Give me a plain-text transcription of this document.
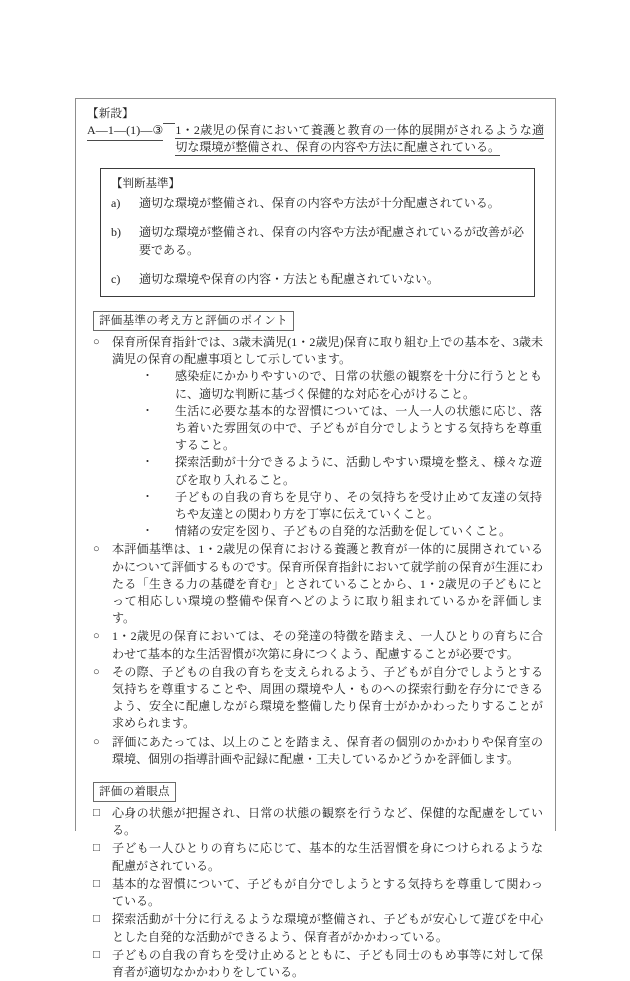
【新設】
A―1―(1)―③ 1・2歳児の保育において養護と教育の一体的展開がされるような適切な環境が整備され、保育の内容や方法に配慮されている。
【判断基準】
a)	適切な環境が整備され、保育の内容や方法が十分配慮されている。
b)	適切な環境が整備され、保育の内容や方法が配慮されているが改善が必要である。
c)	適切な環境や保育の内容・方法とも配慮されていない。
評価基準の考え方と評価のポイント
○	保育所保育指針では、3歳未満児(1・2歳児)保育に取り組む上での基本を、3歳未満児の保育の配慮事項として示しています。
・ 感染症にかかりやすいので、日常の状態の観察を十分に行うとともに、適切な判断に基づく保健的な対応を心がけること。
・ 生活に必要な基本的な習慣については、一人一人の状態に応じ、落ち着いた雰囲気の中で、子どもが自分でしようとする気持ちを尊重すること。
・ 探索活動が十分できるように、活動しやすい環境を整え、様々な遊びを取り入れること。
・ 子どもの自我の育ちを見守り、その気持ちを受け止めて友達の気持ちや友達との関わり方を丁寧に伝えていくこと。
・ 情緒の安定を図り、子どもの自発的な活動を促していくこと。
○	本評価基準は、1・2歳児の保育における養護と教育が一体的に展開されているかについて評価するものです。保育所保育指針において就学前の保育が生涯にわたる「生きる力の基礎を育む」とされていることから、1・2歳児の子どもにとって相応しい環境の整備や保育へどのように取り組まれているかを評価します。
○	1・2歳児の保育においては、その発達の特徴を踏まえ、一人ひとりの育ちに合わせて基本的な生活習慣が次第に身につくよう、配慮することが必要です。
○	その際、子どもの自我の育ちを支えられるよう、子どもが自分でしようとする気持ちを尊重することや、周囲の環境や人・ものへの探索行動を存分にできるよう、安全に配慮しながら環境を整備したり保育士がかかわったりすることが求められます。
○	評価にあたっては、以上のことを踏まえ、保育者の個別のかかわりや保育室の環境、個別の指導計画や記録に配慮・工夫しているかどうかを評価します。
評価の着眼点
□	心身の状態が把握され、日常の状態の観察を行うなど、保健的な配慮をしている。
□	子ども一人ひとりの育ちに応じて、基本的な生活習慣を身につけられるような配慮がされている。
□	基本的な習慣について、子どもが自分でしようとする気持ちを尊重して関わっている。
□	探索活動が十分に行えるような環境が整備され、子どもが安心して遊びを中心とした自発的な活動ができるよう、保育者がかかわっている。
□	子どもの自我の育ちを受け止めるとともに、子ども同士のもめ事等に対して保育者が適切なかかわりをしている。
